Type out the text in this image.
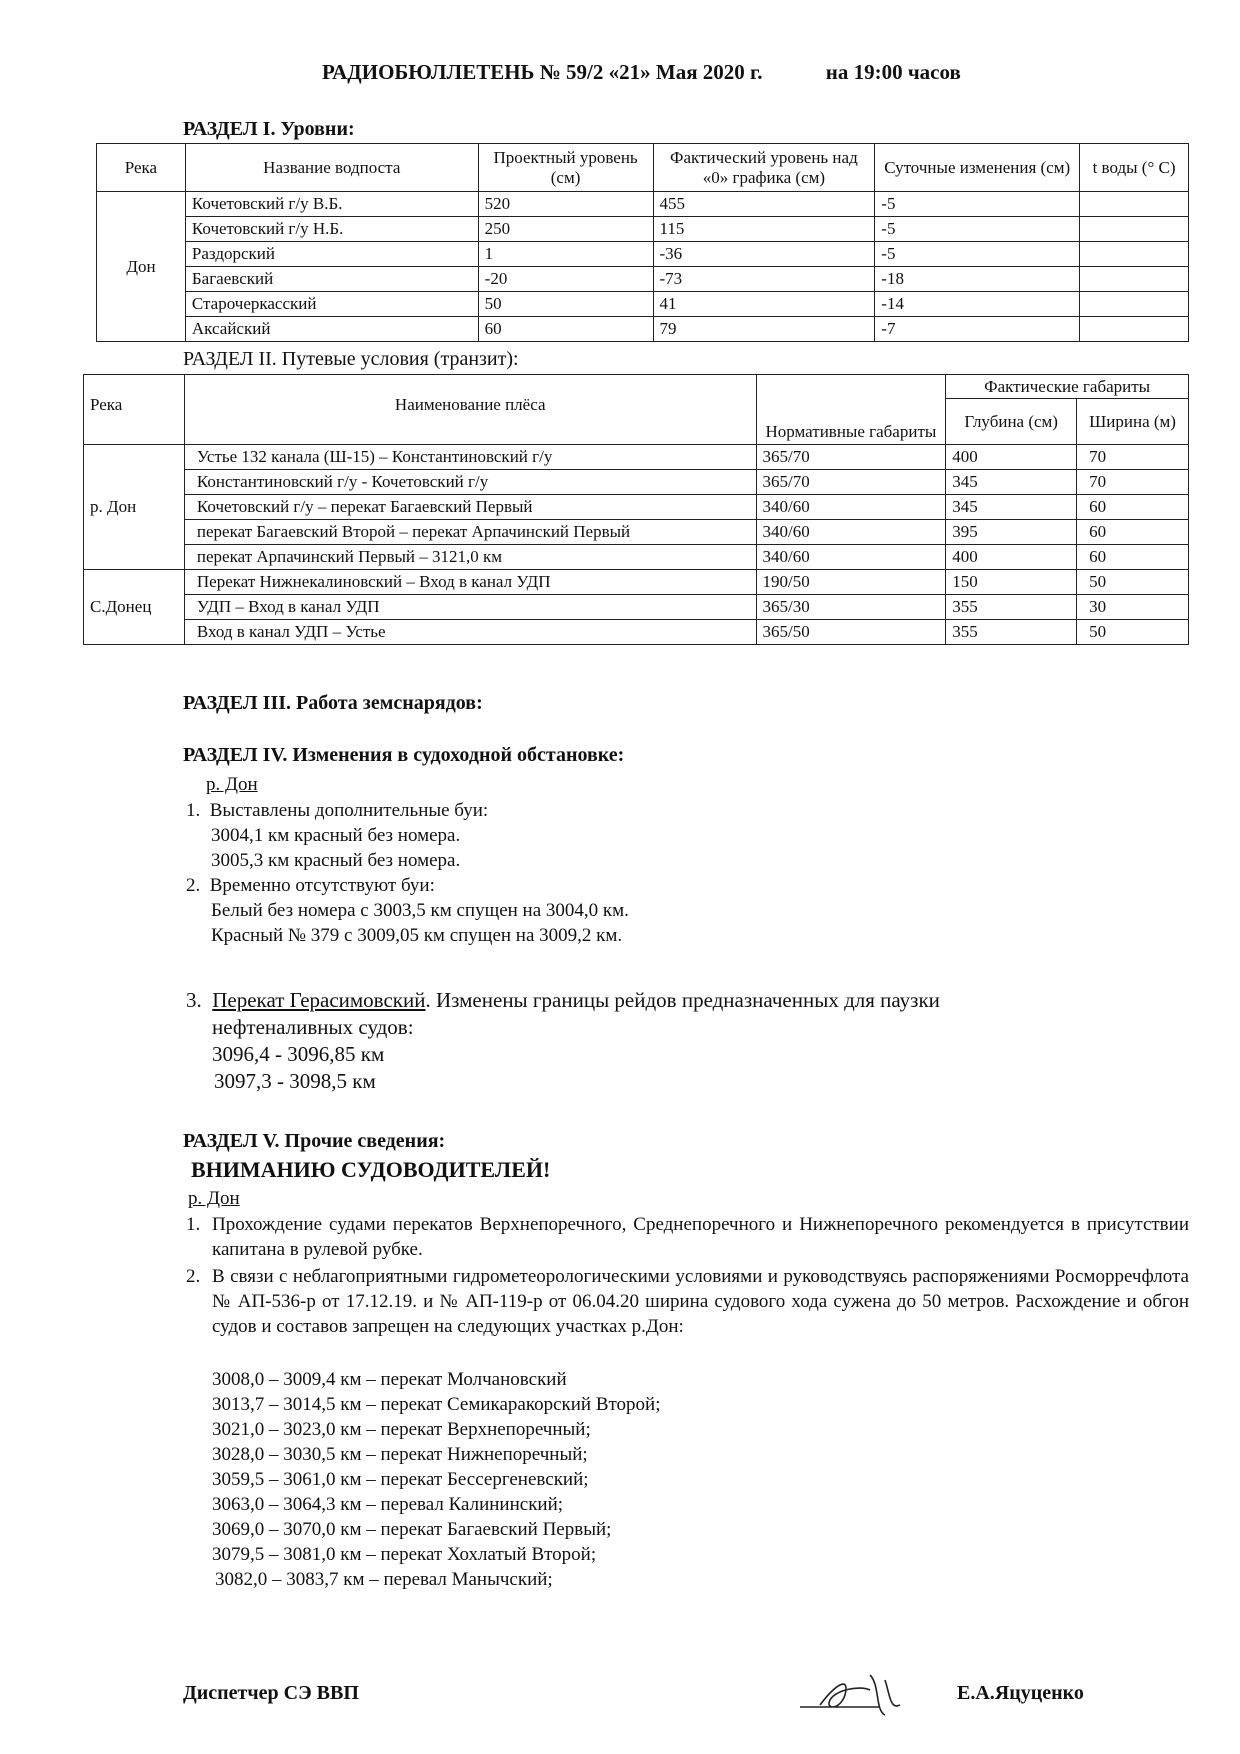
РАДИОБЮЛЛЕТЕНЬ № 59/2 «21» Мая 2020 г.	на 19:00 часов
РАЗДЕЛ I. Уровни:
Река	Название водпоста	Проектный уровень (см)	Фактический уровень над «0» графика (см)	Суточные изменения (см)	t воды (° С)
Дон	Кочетовский г/у В.Б.	520	455	-5	
	Кочетовский г/у Н.Б.	250	115	-5	
	Раздорский	1	-36	-5	
	Багаевский	-20	-73	-18	
	Старочеркасский	50	41	-14	
	Аксайский	60	79	-7	
РАЗДЕЛ II. Путевые условия (транзит):
Река	Наименование плёса	Нормативные габариты	Фактические габариты	
			Глубина (см)	Ширина (м)
р. Дон	Устье 132 канала (Ш-15) – Константиновский г/у	365/70	400	70
	Константиновский г/у - Кочетовский г/у	365/70	345	70
	Кочетовский г/у – перекат Багаевский Первый	340/60	345	60
	перекат Багаевский Второй – перекат Арпачинский Первый	340/60	395	60
	перекат Арпачинский Первый – 3121,0 км	340/60	400	60
С.Донец	Перекат Нижнекалиновский – Вход в канал УДП	190/50	150	50
	УДП – Вход в канал УДП	365/30	355	30
	Вход в канал УДП – Устье	365/50	355	50
РАЗДЕЛ III. Работа земснарядов:
РАЗДЕЛ IV. Изменения в судоходной обстановке:
р. Дон
1. Выставлены дополнительные буи:
3004,1 км красный без номера.
3005,3 км красный без номера.
2. Временно отсутствуют буи:
Белый без номера с 3003,5 км спущен на 3004,0 км.
Красный № 379 с 3009,05 км спущен на 3009,2 км.
3. Перекат Герасимовский. Изменены границы рейдов предназначенных для паузки
нефтеналивных судов:
3096,4 - 3096,85 км
3097,3 - 3098,5 км
РАЗДЕЛ V. Прочие сведения:
ВНИМАНИЮ СУДОВОДИТЕЛЕЙ!
р. Дон
1. Прохождение судами перекатов Верхнепоречного, Среднепоречного и Нижнепоречного рекомендуется в присутствии капитана в рулевой рубке.
2. В связи с неблагоприятными гидрометеорологическими условиями и руководствуясь распоряжениями Росморречфлота № АП-536-р от 17.12.19. и № АП-119-р от 06.04.20 ширина судового хода сужена до 50 метров. Расхождение и обгон судов и составов запрещен на следующих участках р.Дон:
3008,0 – 3009,4 км – перекат Молчановский
3013,7 – 3014,5 км – перекат Семикаракорский Второй;
3021,0 – 3023,0 км – перекат Верхнепоречный;
3028,0 – 3030,5 км – перекат Нижнепоречный;
3059,5 – 3061,0 км – перекат Бессергеневский;
3063,0 – 3064,3 км – перевал Калининский;
3069,0 – 3070,0 км – перекат Багаевский Первый;
3079,5 – 3081,0 км – перекат Хохлатый Второй;
3082,0 – 3083,7 км – перевал Манычский;
Диспетчер СЭ ВВП	Е.А.Яцуценко
